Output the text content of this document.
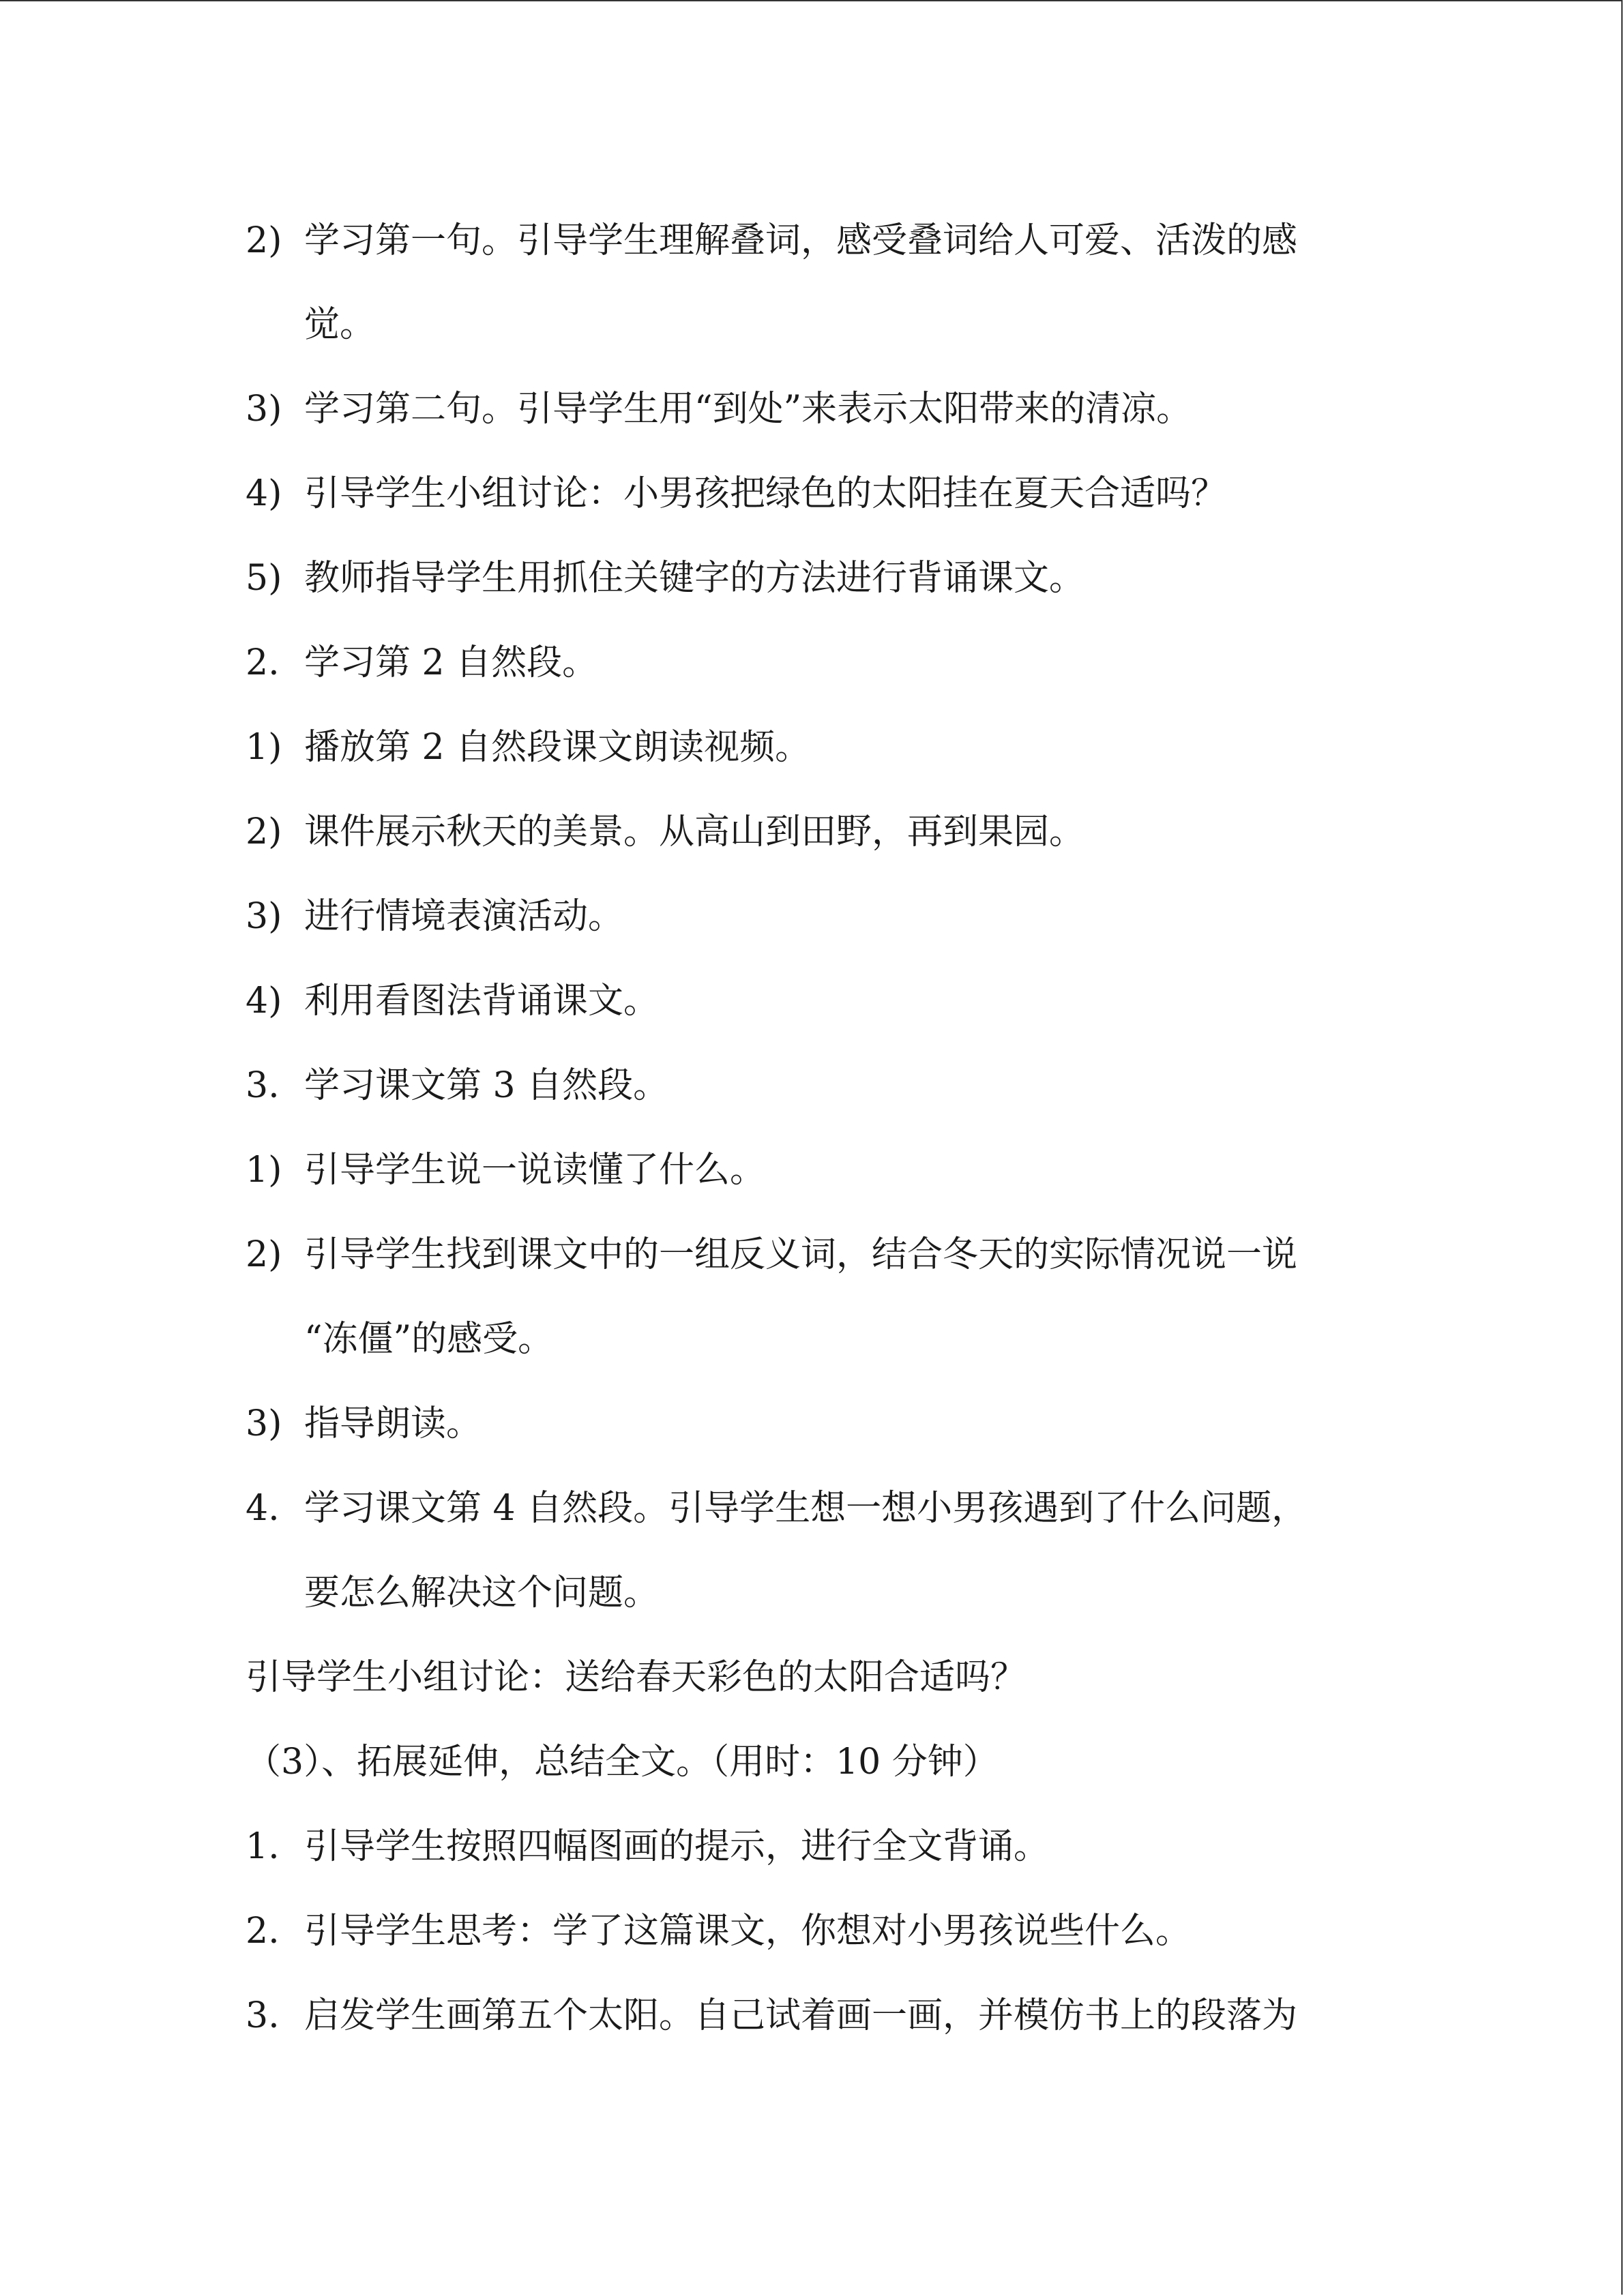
2) 学习第一句。引导学生理解叠词，感受叠词给人可爱、活泼的感
觉。
3) 学习第二句。引导学生用“到处”来表示太阳带来的清凉。
4) 引导学生小组讨论：小男孩把绿色的太阳挂在夏天合适吗？
5) 教师指导学生用抓住关键字的方法进行背诵课文。
2. 学习第 2 自然段。
1) 播放第 2 自然段课文朗读视频。
2) 课件展示秋天的美景。从高山到田野，再到果园。
3) 进行情境表演活动。
4) 利用看图法背诵课文。
3. 学习课文第 3 自然段。
1) 引导学生说一说读懂了什么。
2) 引导学生找到课文中的一组反义词，结合冬天的实际情况说一说
“冻僵”的感受。
3) 指导朗读。
4. 学习课文第 4 自然段。引导学生想一想小男孩遇到了什么问题，
要怎么解决这个问题。
引导学生小组讨论：送给春天彩色的太阳合适吗？
（3）、拓展延伸，总结全文。（用时：10 分钟）
1. 引导学生按照四幅图画的提示，进行全文背诵。
2. 引导学生思考：学了这篇课文，你想对小男孩说些什么。
3. 启发学生画第五个太阳。自己试着画一画，并模仿书上的段落为
